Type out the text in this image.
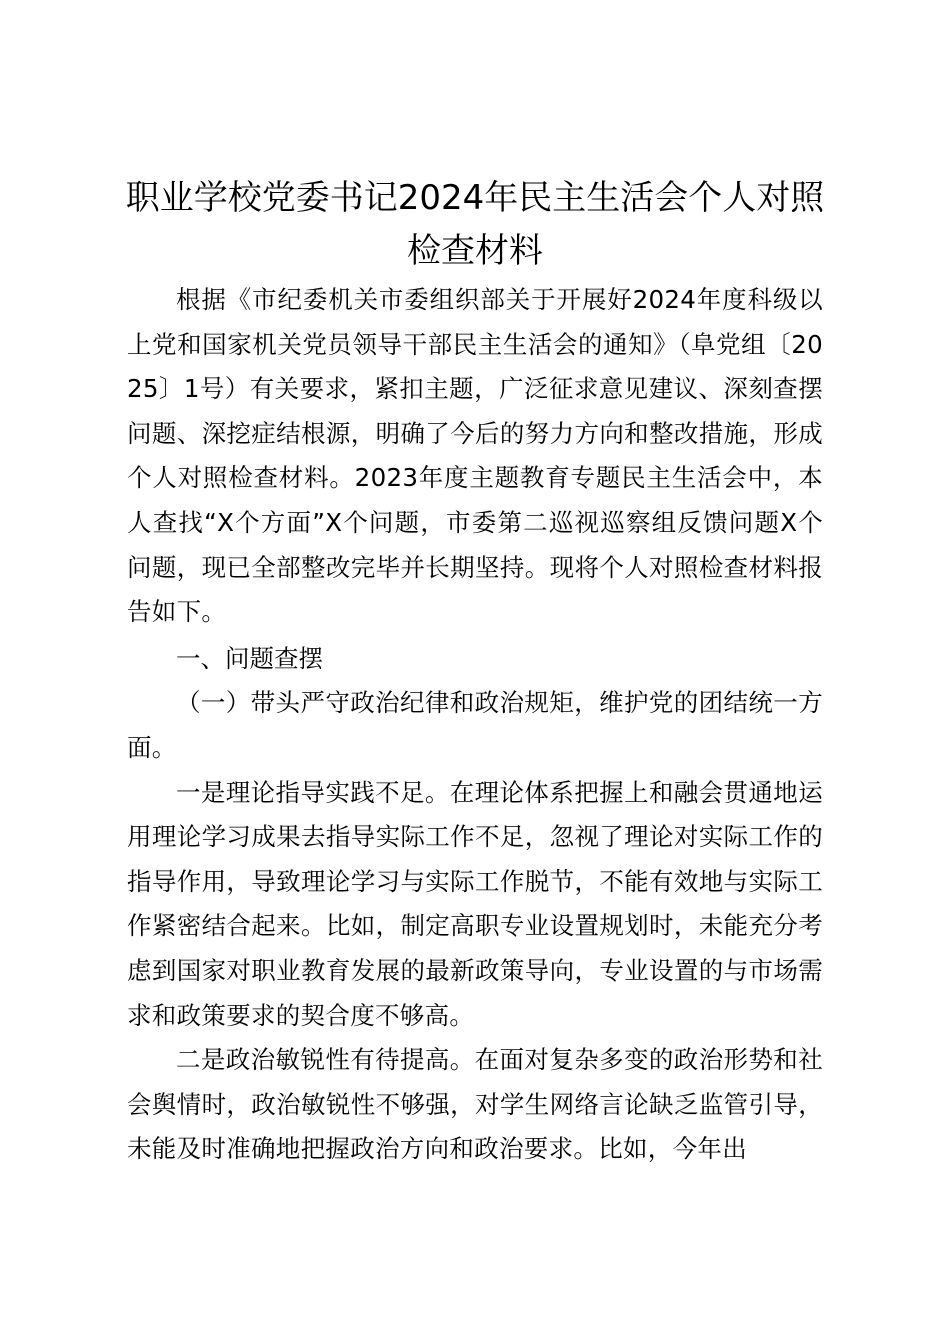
职业学校党委书记2024年民主生活会个人对照检查材料

根据《市纪委机关市委组织部关于开展好2024年度科级以上党和国家机关党员领导干部民主生活会的通知》（阜党组〔2025〕1号）有关要求，紧扣主题，广泛征求意见建议、深刻查摆问题、深挖症结根源，明确了今后的努力方向和整改措施，形成个人对照检查材料。2023年度主题教育专题民主生活会中，本人查找“X个方面”X个问题，市委第二巡视巡察组反馈问题X个问题，现已全部整改完毕并长期坚持。现将个人对照检查材料报告如下。

一、问题查摆

（一）带头严守政治纪律和政治规矩，维护党的团结统一方面。

一是理论指导实践不足。在理论体系把握上和融会贯通地运用理论学习成果去指导实际工作不足，忽视了理论对实际工作的指导作用，导致理论学习与实际工作脱节，不能有效地与实际工作紧密结合起来。比如，制定高职专业设置规划时，未能充分考虑到国家对职业教育发展的最新政策导向，专业设置的与市场需求和政策要求的契合度不够高。

二是政治敏锐性有待提高。在面对复杂多变的政治形势和社会舆情时，政治敏锐性不够强，对学生网络言论缺乏监管引导，未能及时准确地把握政治方向和政治要求。比如，今年出
